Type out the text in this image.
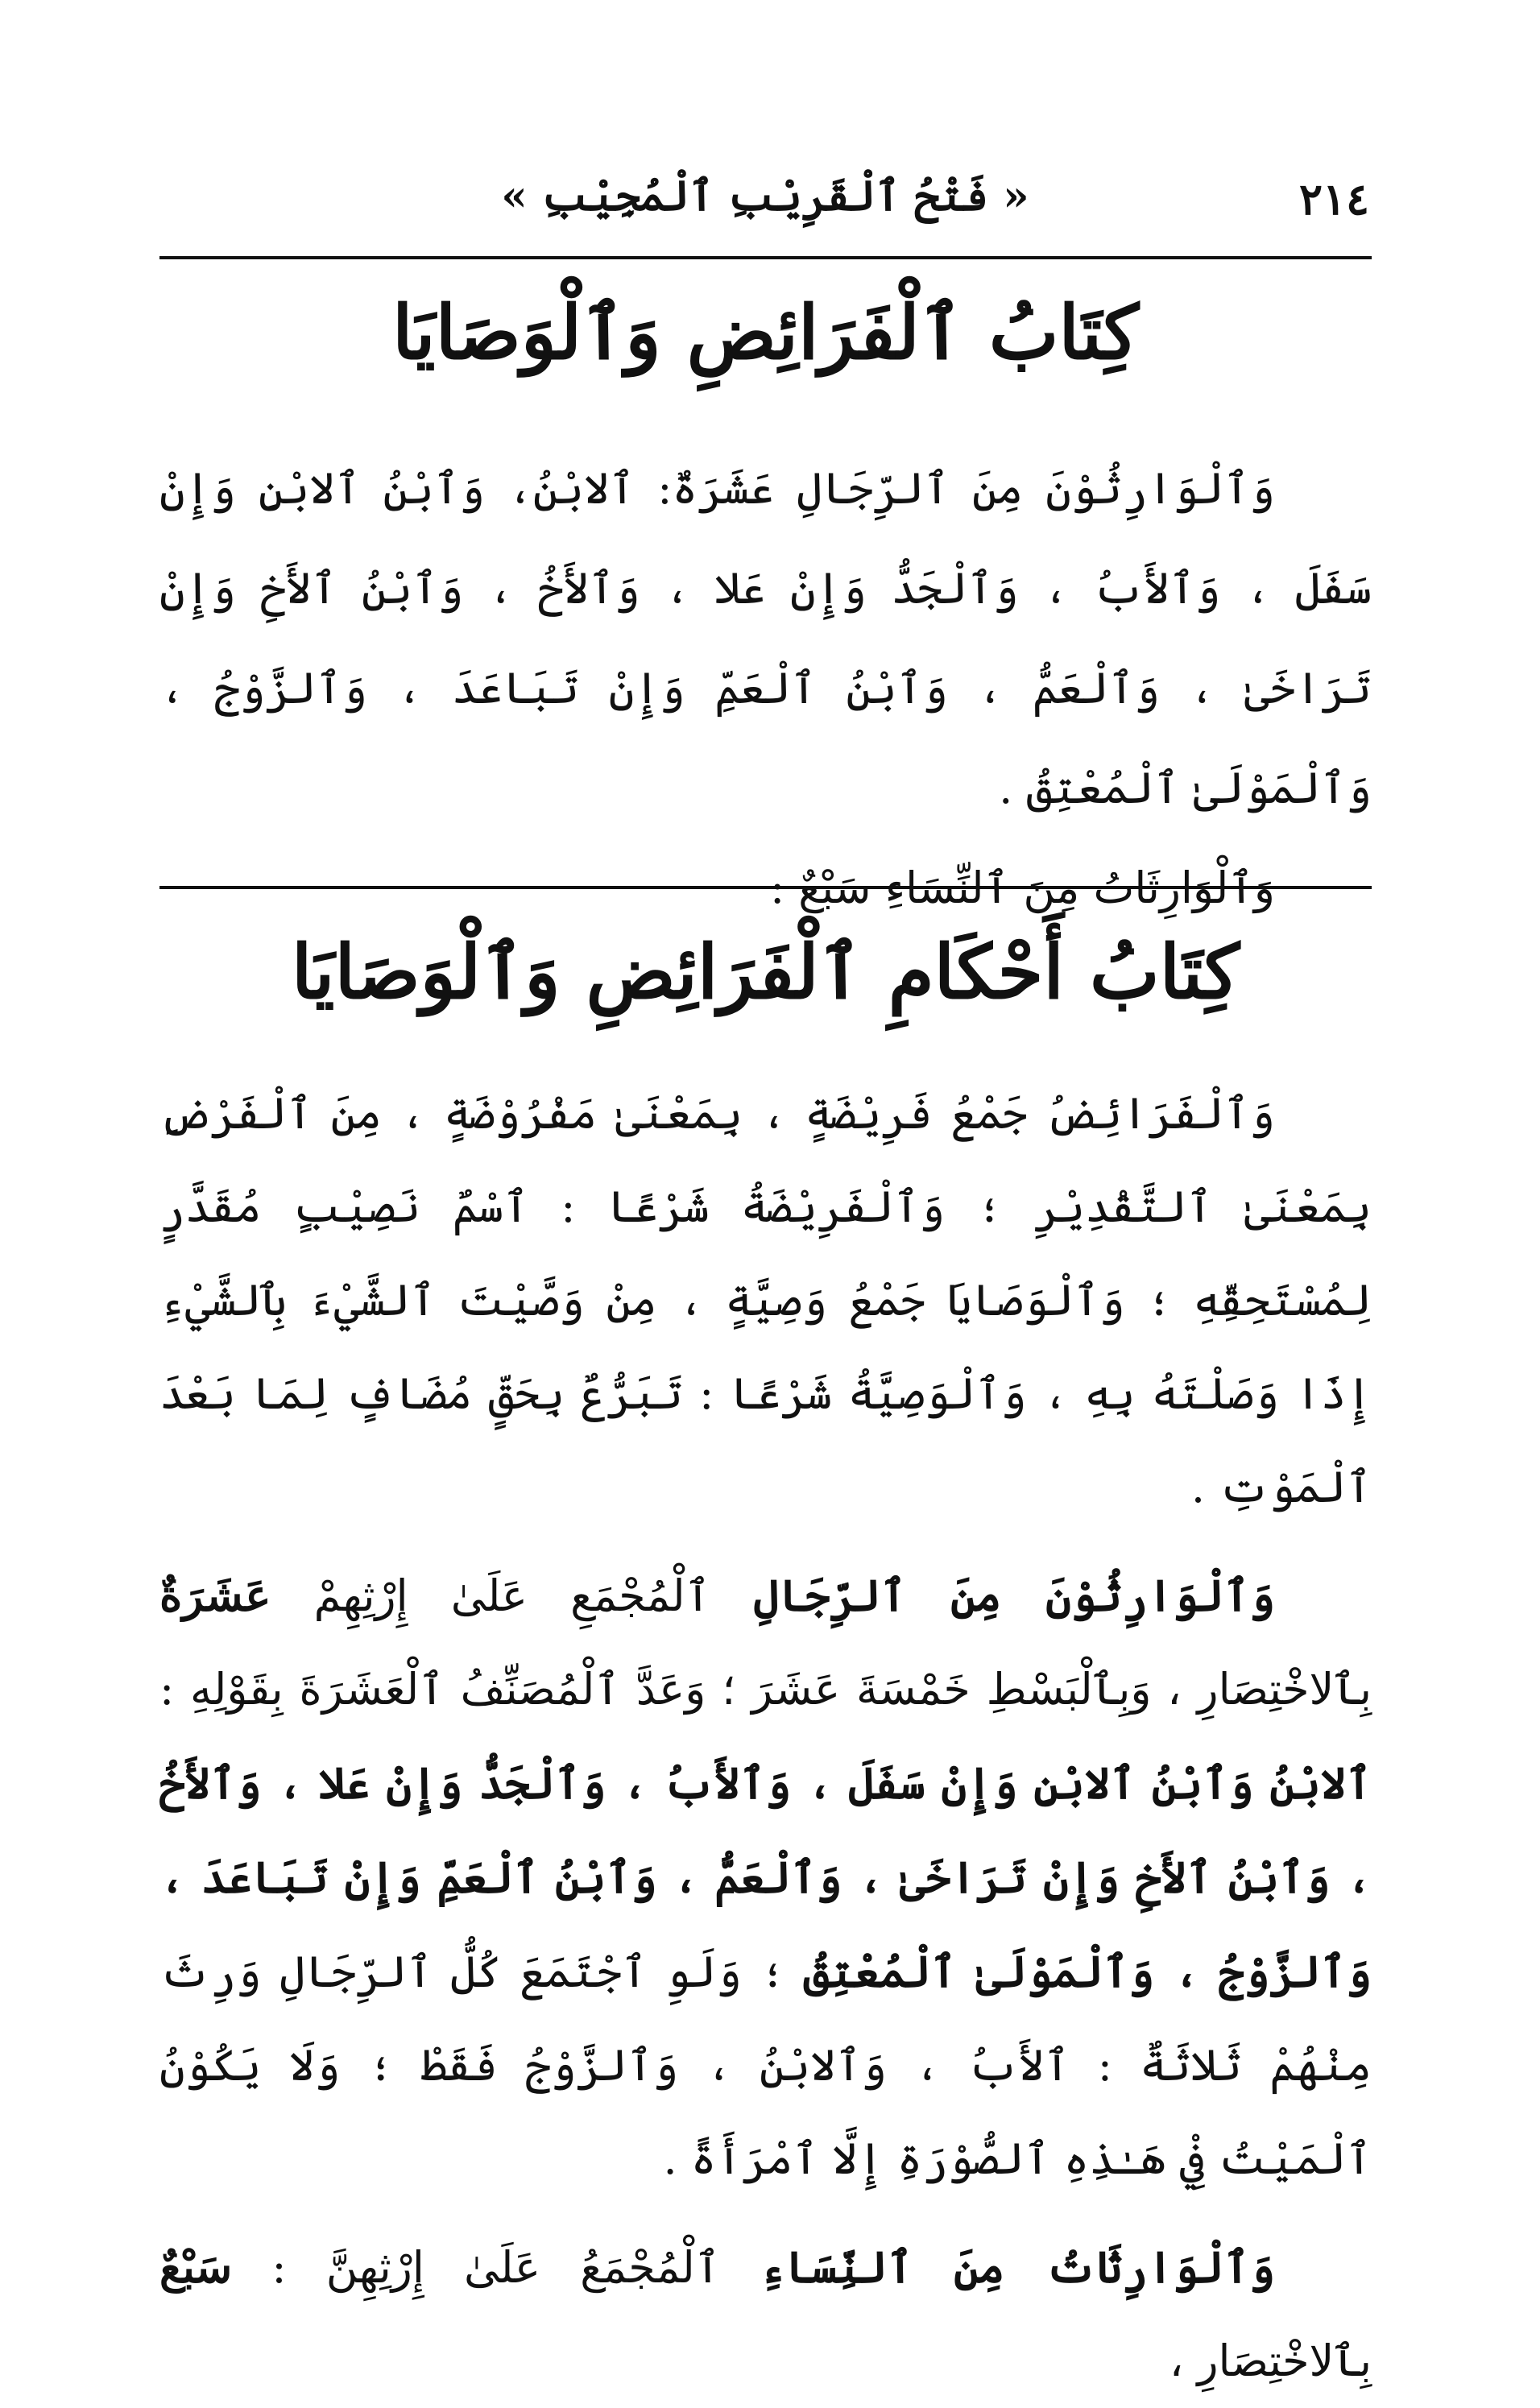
٢١٤
« فَتْحُ ٱلْقَرِيْبِ ٱلْمُجِيْبِ »
كِتَابُ ٱلْفَرَائِضِ وَٱلْوَصَايَا

وَٱلْوَارِثُوْنَ مِنَ ٱلرِّجَالِ عَشَرَةٌ: ٱلابْنُ، وَٱبْنُ ٱلابْنِ وَإِنْ سَفَلَ ، وَٱلأَبُ ، وَٱلْجَدُّ وَإِنْ عَلا ، وَٱلأَخُ ، وَٱبْنُ ٱلأَخِ وَإِنْ تَرَاخَىٰ ، وَٱلْعَمُّ ، وَٱبْنُ ٱلْعَمِّ وَإِنْ تَبَاعَدَ ، وَٱلزَّوْجُ ، وَٱلْمَوْلَىٰ ٱلْمُعْتِقُ .

وَٱلْوَارِثَاتُ مِنَ ٱلنِّسَاءِ سَبْعٌ :

كِتَابُ أَحْكَامِ ٱلْفَرَائِضِ وَٱلْوَصَايَا

وَٱلْفَرَائِضُ جَمْعُ فَرِيْضَةٍ ، بِمَعْنَىٰ مَفْرُوْضَةٍ ، مِنَ ٱلْفَرْضِ بِمَعْنَىٰ ٱلتَّقْدِيْرِ ؛ وَٱلْفَرِيْضَةُ شَرْعًا : ٱسْمٌ نَصِيْبٍ مُقَدَّرٍ لِمُسْتَحِقِّهِ ؛ وَٱلْوَصَايَا جَمْعُ وَصِيَّةٍ ، مِنْ وَصَّيْتَ ٱلشَّيْءَ بِٱلشَّيْءِ إِذَا وَصَلْتَهُ بِهِ ، وَٱلْوَصِيَّةُ شَرْعًا : تَبَرُّعٌ بِحَقٍّ مُضَافٍ لِمَا بَعْدَ ٱلْمَوْتِ .

وَٱلْوَارِثُوْنَ مِنَ ٱلرِّجَالِ ٱلْمُجْمَعِ عَلَىٰ إِرْثِهِمْ عَشَرَةٌ بِٱلاخْتِصَارِ ، وَبِٱلْبَسْطِ خَمْسَةَ عَشَرَ ؛ وَعَدَّ ٱلْمُصَنِّفُ ٱلْعَشَرَةَ بِقَوْلِهِ : ٱلابْنُ وَٱبْنُ ٱلابْنِ وَإِنْ سَفَلَ ، وَٱلأَبُ ، وَٱلْجَدُّ وَإِنْ عَلا ، وَٱلأَخُ ، وَٱبْنُ ٱلأَخِ وَإِنْ تَرَاخَىٰ ، وَٱلْعَمُّ ، وَٱبْنُ ٱلْعَمِّ وَإِنْ تَبَاعَدَ ، وَٱلزَّوْجُ ، وَٱلْمَوْلَىٰ ٱلْمُعْتِقُ ؛ وَلَوِ ٱجْتَمَعَ كُلُّ ٱلرِّجَالِ وَرِثَ مِنْهُمْ ثَلاثَةٌ : ٱلأَبُ ، وَٱلابْنُ ، وَٱلزَّوْجُ فَقَطْ ؛ وَلَا يَكُوْنُ ٱلْمَيْتُ فِيْ هَـٰذِهِ ٱلصُّوْرَةِ إِلَّا ٱمْرَأَةً .

وَٱلْوَارِثَاتُ مِنَ ٱلنِّسَاءِ ٱلْمُجْمَعُ عَلَىٰ إِرْثِهِنَّ : سَبْعٌ بِٱلاخْتِصَارِ ،
